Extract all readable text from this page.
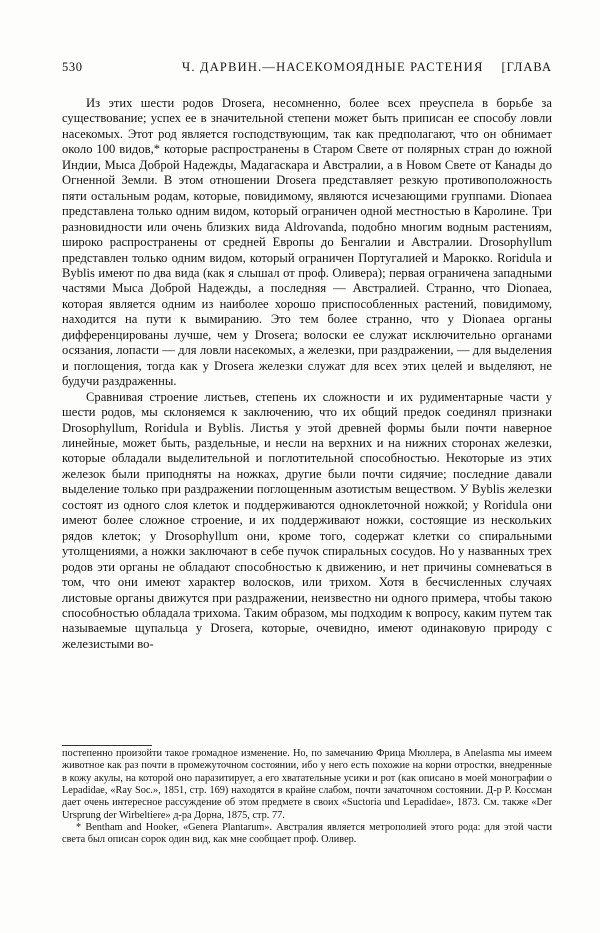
530	Ч. ДАРВИН.—НАСЕКОМОЯДНЫЕ РАСТЕНИЯ [ГЛАВА

Из этих шести родов Drosera, несомненно, более всех преуспела в борьбе за существование; успех ее в значительной степени может быть приписан ее способу ловли насекомых. Этот род является господствующим, так как предполагают, что он обнимает около 100 видов,* которые распространены в Старом Свете от полярных стран до южной Индии, Мыса Доброй Надежды, Мадагаскара и Австралии, а в Новом Свете от Канады до Огненной Земли. В этом отношении Drosera представляет резкую противоположность пяти остальным родам, которые, повидимому, являются исчезающими группами. Dionaea представлена только одним видом, который ограничен одной местностью в Каролине. Три разновидности или очень близких вида Aldrovanda, подобно многим водным растениям, широко распространены от средней Европы до Бенгалии и Австралии. Drosophyllum представлен только одним видом, который ограничен Португалией и Марокко. Roridula и Byblis имеют по два вида (как я слышал от проф. Оливера); первая ограничена западными частями Мыса Доброй Надежды, а последняя — Австралией. Странно, что Dionaea, которая является одним из наиболее хорошо приспособленных растений, повидимому, находится на пути к вымиранию. Это тем более странно, что у Dionaea органы дифференцированы лучше, чем у Drosera; волоски ее служат исключительно органами осязания, лопасти — для ловли насекомых, а железки, при раздражении, — для выделения и поглощения, тогда как у Drosera железки служат для всех этих целей и выделяют, не будучи раздраженны.

Сравнивая строение листьев, степень их сложности и их рудиментарные части у шести родов, мы склоняемся к заключению, что их общий предок соединял признаки Drosophyllum, Roridula и Byblis. Листья у этой древней формы были почти наверное линейные, может быть, раздельные, и несли на верхних и на нижних сторонах железки, которые обладали выделительной и поглотительной способностью. Некоторые из этих железок были приподняты на ножках, другие были почти сидячие; последние давали выделение только при раздражении поглощенным азотистым веществом. У Byblis железки состоят из одного слоя клеток и поддерживаются одноклеточной ножкой; у Roridula они имеют более сложное строение, и их поддерживают ножки, состоящие из нескольких рядов клеток; у Drosophyllum они, кроме того, содержат клетки со спиральными утолщениями, а ножки заключают в себе пучок спиральных сосудов. Но у названных трех родов эти органы не обладают способностью к движению, и нет причины сомневаться в том, что они имеют характер волосков, или трихом. Хотя в бесчисленных случаях листовые органы движутся при раздражении, неизвестно ни одного примера, чтобы такою способностью обладала трихома. Таким образом, мы подходим к вопросу, каким путем так называемые щупальца у Drosera, которые, очевидно, имеют одинаковую природу с железистыми во-

постепенно произойти такое громадное изменение. Но, по замечанию Фрица Мюллера, в Anelasma мы имеем животное как раз почти в промежуточном состоянии, ибо у него есть похожие на корни отростки, внедренные в кожу акулы, на которой оно паразитирует, а его хватательные усики и рот (как описано в моей монографии о Lepadidae, «Ray Soc.», 1851, стр. 169) находятся в крайне слабом, почти зачаточном состоянии. Д-р Р. Коссман дает очень интересное рассуждение об этом предмете в своих «Suctoria und Lepadidae», 1873. См. также «Der Ursprung der Wirbeltiere» д-ра Дорна, 1875, стр. 77.

* Bentham and Hooker, «Genera Plantarum». Австралия является метрополией этого рода: для этой части света был описан сорок один вид, как мне сообщает проф. Оливер.
